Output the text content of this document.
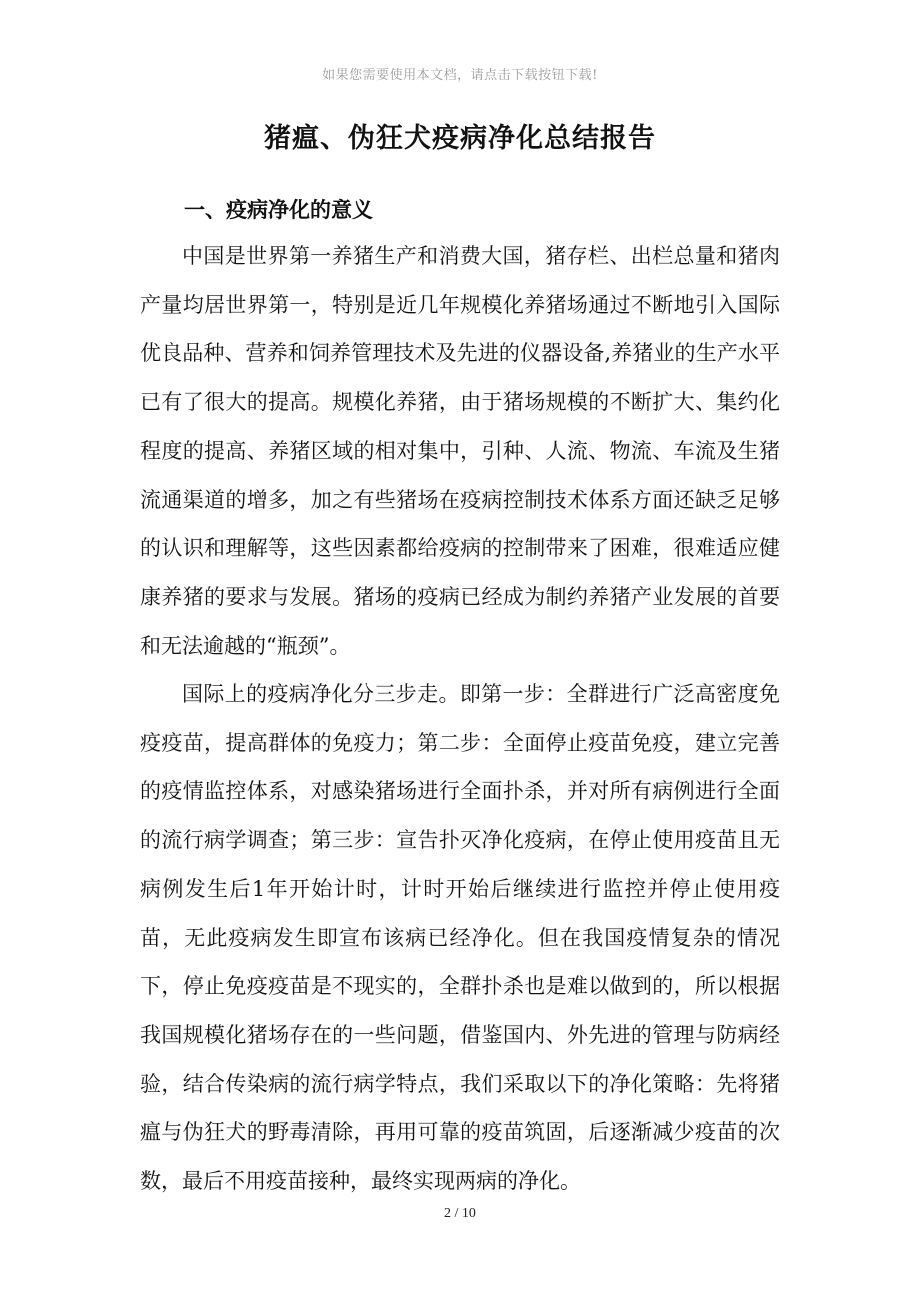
如果您需要使用本文档，请点击下载按钮下载!
猪瘟、伪狂犬疫病净化总结报告
一、疫病净化的意义

中国是世界第一养猪生产和消费大国，猪存栏、出栏总量和猪肉产量均居世界第一，特别是近几年规模化养猪场通过不断地引入国际优良品种、营养和饲养管理技术及先进的仪器设备,养猪业的生产水平已有了很大的提高。规模化养猪，由于猪场规模的不断扩大、集约化程度的提高、养猪区域的相对集中，引种、人流、物流、车流及生猪流通渠道的增多，加之有些猪场在疫病控制技术体系方面还缺乏足够的认识和理解等，这些因素都给疫病的控制带来了困难，很难适应健康养猪的要求与发展。猪场的疫病已经成为制约养猪产业发展的首要和无法逾越的“瓶颈”。

国际上的疫病净化分三步走。即第一步：全群进行广泛高密度免疫疫苗，提高群体的免疫力；第二步：全面停止疫苗免疫，建立完善的疫情监控体系，对感染猪场进行全面扑杀，并对所有病例进行全面的流行病学调查；第三步：宣告扑灭净化疫病，在停止使用疫苗且无病例发生后1年开始计时，计时开始后继续进行监控并停止使用疫苗，无此疫病发生即宣布该病已经净化。但在我国疫情复杂的情况下，停止免疫疫苗是不现实的，全群扑杀也是难以做到的，所以根据我国规模化猪场存在的一些问题，借鉴国内、外先进的管理与防病经验，结合传染病的流行病学特点，我们采取以下的净化策略：先将猪瘟与伪狂犬的野毒清除，再用可靠的疫苗筑固，后逐渐减少疫苗的次数，最后不用疫苗接种，最终实现两病的净化。

2 / 10
